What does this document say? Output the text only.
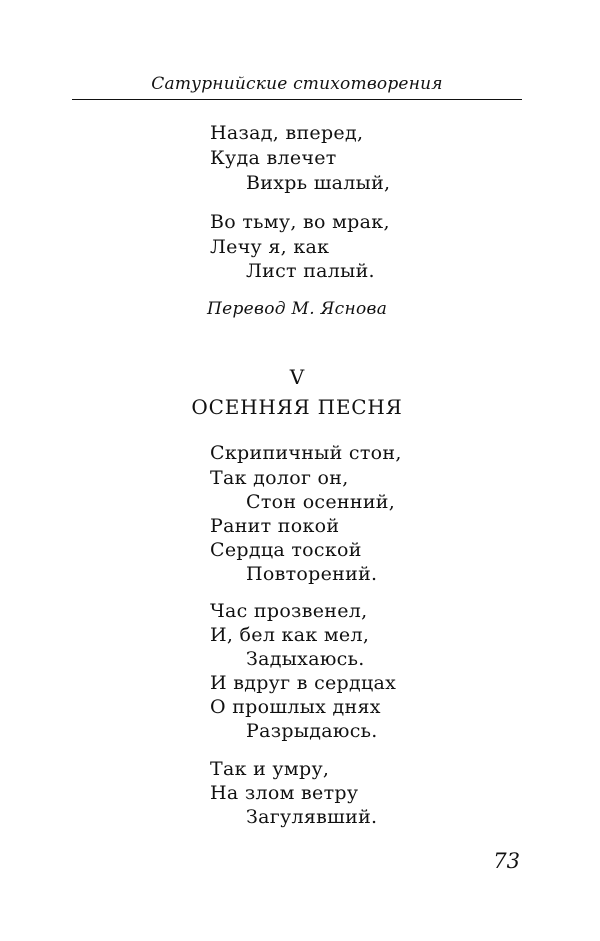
Сатурнийские стихотворения
Назад, вперед,
Куда влечет
Вихрь шалый,
Во тьму, во мрак,
Лечу я, как
Лист палый.
Перевод М. Яснова
V
ОСЕННЯЯ ПЕСНЯ
Скрипичный стон,
Так долог он,
Стон осенний,
Ранит покой
Сердца тоской
Повторений.
Час прозвенел,
И, бел как мел,
Задыхаюсь.
И вдруг в сердцах
О прошлых днях
Разрыдаюсь.
Так и умру,
На злом ветру
Загулявший.
73
